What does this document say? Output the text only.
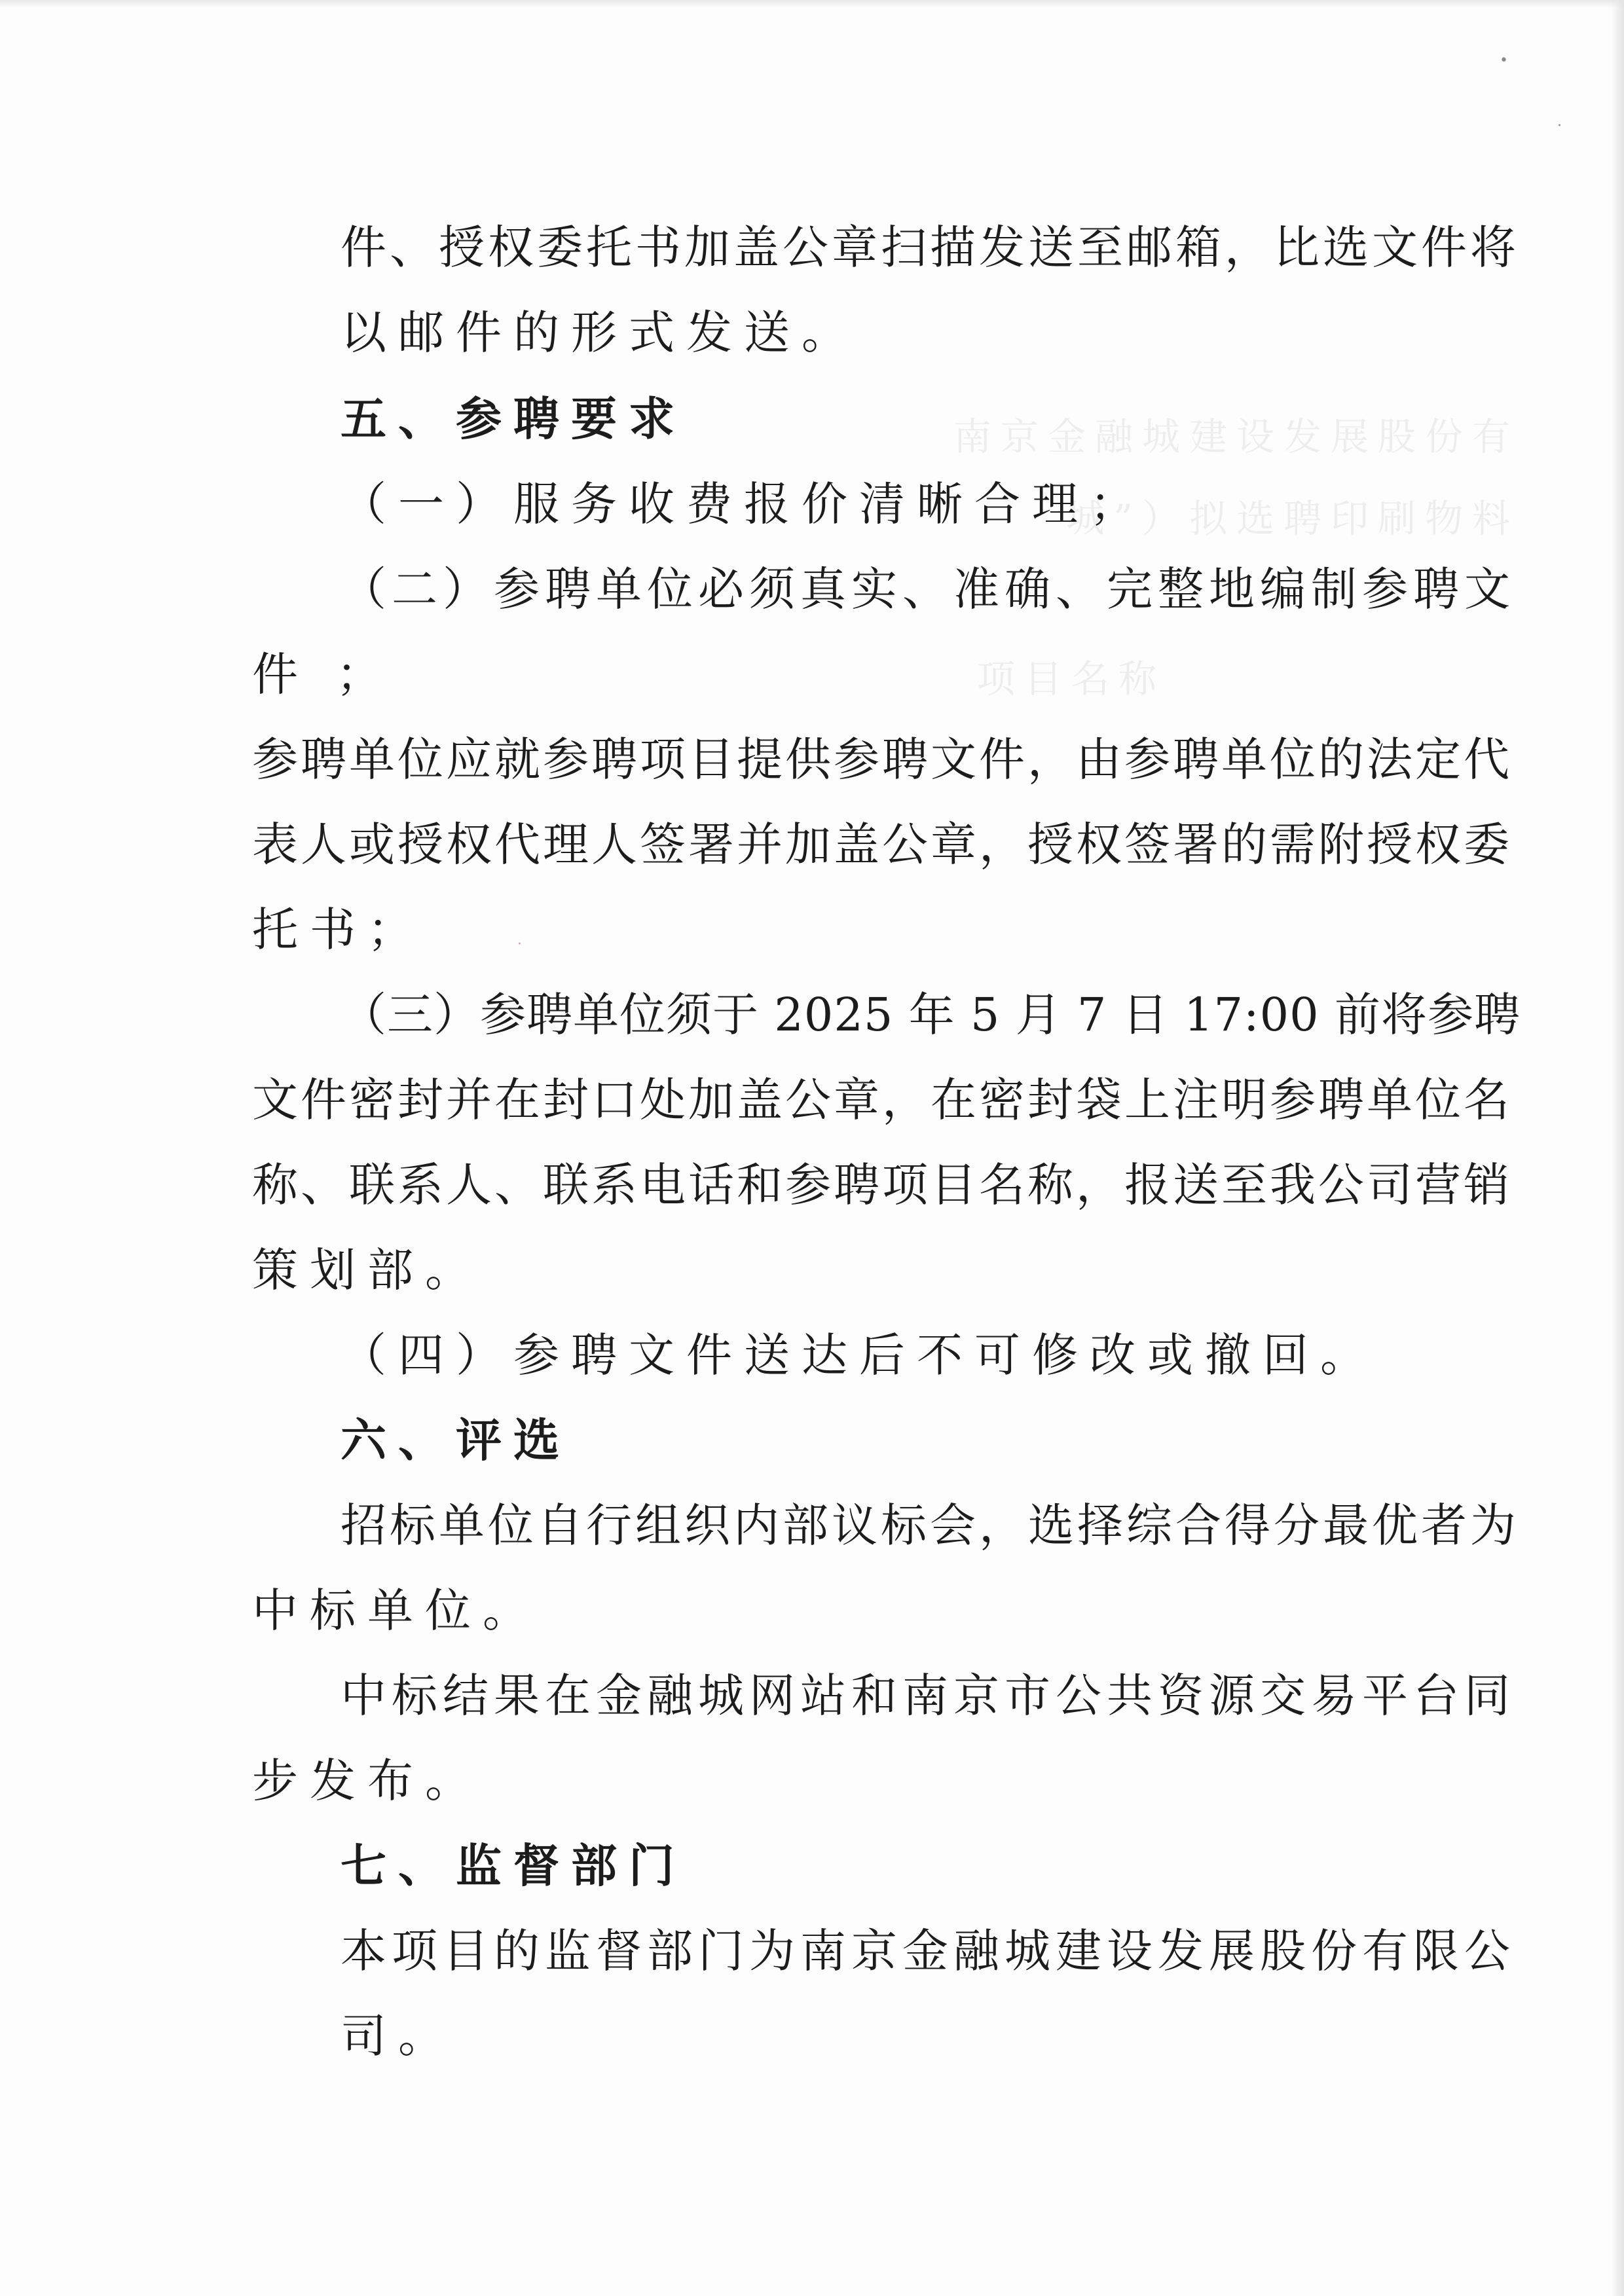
南京金融城建设发展股份有
城”）拟选聘印刷物料
项目名称
•
·
·
件、授权委托书加盖公章扫描发送至邮箱，比选文件将
以邮件的形式发送。
五、参聘要求
（一）服务收费报价清晰合理；
（二）参聘单位必须真实、准确、完整地编制参聘文
件 ；
参聘单位应就参聘项目提供参聘文件，由参聘单位的法定代
表人或授权代理人签署并加盖公章，授权签署的需附授权委
托书；
（三）参聘单位须于 2025 年 5 月 7 日 17:00 前将参聘
文件密封并在封口处加盖公章，在密封袋上注明参聘单位名
称、联系人、联系电话和参聘项目名称，报送至我公司营销
策划部。
（四）参聘文件送达后不可修改或撤回。
六、评选
招标单位自行组织内部议标会，选择综合得分最优者为
中标单位。
中标结果在金融城网站和南京市公共资源交易平台同
步发布。
七、监督部门
本项目的监督部门为南京金融城建设发展股份有限公
司。
